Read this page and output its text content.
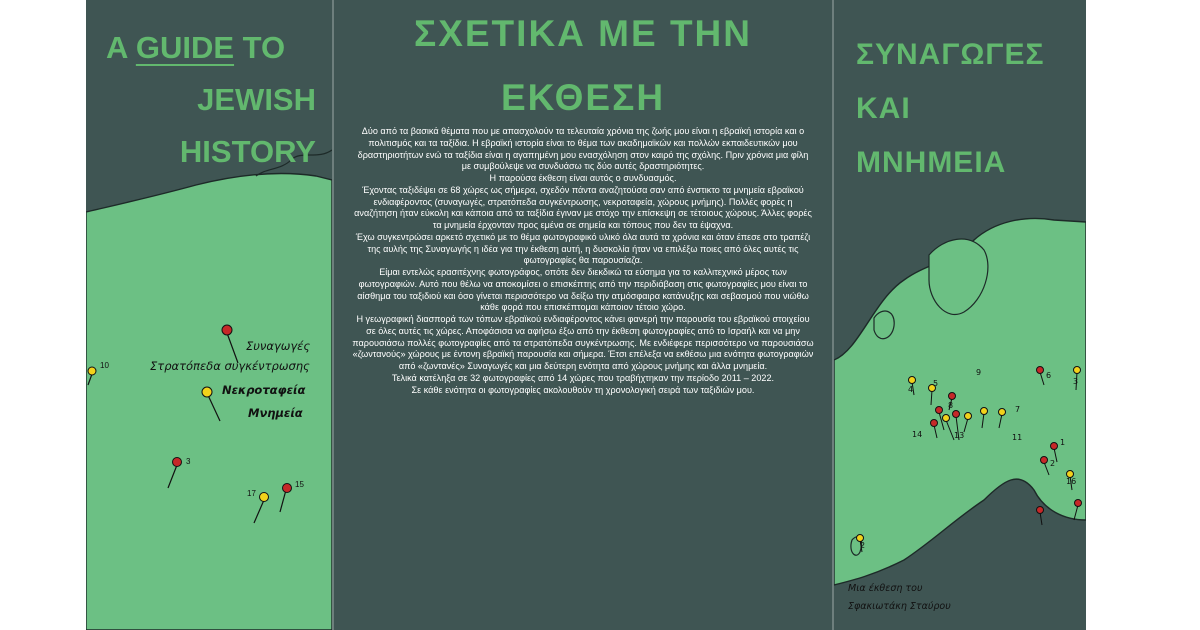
10
3
17
15
Συναγωγές
Στρατόπεδα συγκέντρωσης
Νεκροταφεία
Μνημεία
A GUIDE TO
JEWISH
HISTORY
ΣΧΕΤΙΚΑ ΜΕ ΤΗΝ
ΕΚΘΕΣΗ

Δύο από τα βασικά θέματα που με απασχολούν τα τελευταία χρόνια της ζωής μου είναι η εβραϊκή ιστορία και ο πολιτισμός και τα ταξίδια. Η εβραϊκή ιστορία είναι το θέμα των ακαδημαϊκών και πολλών εκπαιδευτικών μου δραστηριοτήτων ενώ τα ταξίδια είναι η αγαπημένη μου ενασχόληση στον καιρό της σχόλης. Πριν χρόνια μια φίλη με συμβούλεψε να συνδυάσω τις δύο αυτές δραστηριότητες.

Η παρούσα έκθεση είναι αυτός ο συνδυασμός.

Έχοντας ταξιδέψει σε 68 χώρες ως σήμερα, σχεδόν πάντα αναζητούσα σαν από ένστικτο τα μνημεία εβραϊκού ενδιαφέροντος (συναγωγές, στρατόπεδα συγκέντρωσης, νεκροταφεία, χώρους μνήμης). Πολλές φορές η αναζήτηση ήταν εύκολη και κάποια από τα ταξίδια έγιναν με στόχο την επίσκεψη σε τέτοιους χώρους. Άλλες φορές τα μνημεία έρχονταν προς εμένα σε σημεία και τόπους που δεν τα έψαχνα.

Έχω συγκεντρώσει αρκετό σχετικό με το θέμα φωτογραφικό υλικό όλα αυτά τα χρόνια και όταν έπεσε στο τραπέζι της αυλής της Συναγωγής η ιδέα για την έκθεση αυτή, η δυσκολία ήταν να επιλέξω ποιες από όλες αυτές τις φωτογραφίες θα παρουσίαζα.

Είμαι εντελώς ερασιτέχνης φωτογράφος, οπότε δεν διεκδικώ τα εύσημα για το καλλιτεχνικό μέρος των φωτογραφιών. Αυτό που θέλω να αποκομίσει ο επισκέπτης από την περιδιάβαση στις φωτογραφίες μου είναι το αίσθημα του ταξιδιού και όσο γίνεται περισσότερο να δείξω την ατμόσφαιρα κατάνυξης και σεβασμού που νιώθω κάθε φορά που επισκέπτομαι κάποιον τέτοιο χώρο.

Η γεωγραφική διασπορά των τόπων εβραϊκού ενδιαφέροντος κάνει φανερή την παρουσία του εβραϊκού στοιχείου σε όλες αυτές τις χώρες. Αποφάσισα να αφήσω έξω από την έκθεση φωτογραφίες από το Ισραήλ και να μην παρουσιάσω πολλές φωτογραφίες από τα στρατόπεδα συγκέντρωσης. Με ενδιέφερε περισσότερο να παρουσιάσω «ζωντανούς» χώρους με έντονη εβραϊκή παρουσία και σήμερα. Έτσι επέλεξα να εκθέσω μια ενότητα φωτογραφιών από «ζωντανές» Συναγωγές και μια δεύτερη ενότητα από χώρους μνήμης και άλλα μνημεία.

Τελικά κατέληξα σε 32 φωτογραφίες από 14 χώρες που τραβήχτηκαν την περίοδο 2011 – 2022.

Σε κάθε ενότητα οι φωτογραφίες ακολουθούν τη χρονολογική σειρά των ταξιδιών μου.	4
5
8
6
9
3
7
13	11
14
1
2
16
2
ΣΥΝΑΓΩΓΕΣ
ΚΑΙ
ΜΝΗΜΕΙΑ
Μια έκθεση του
Σφακιωτάκη Σταύρου
